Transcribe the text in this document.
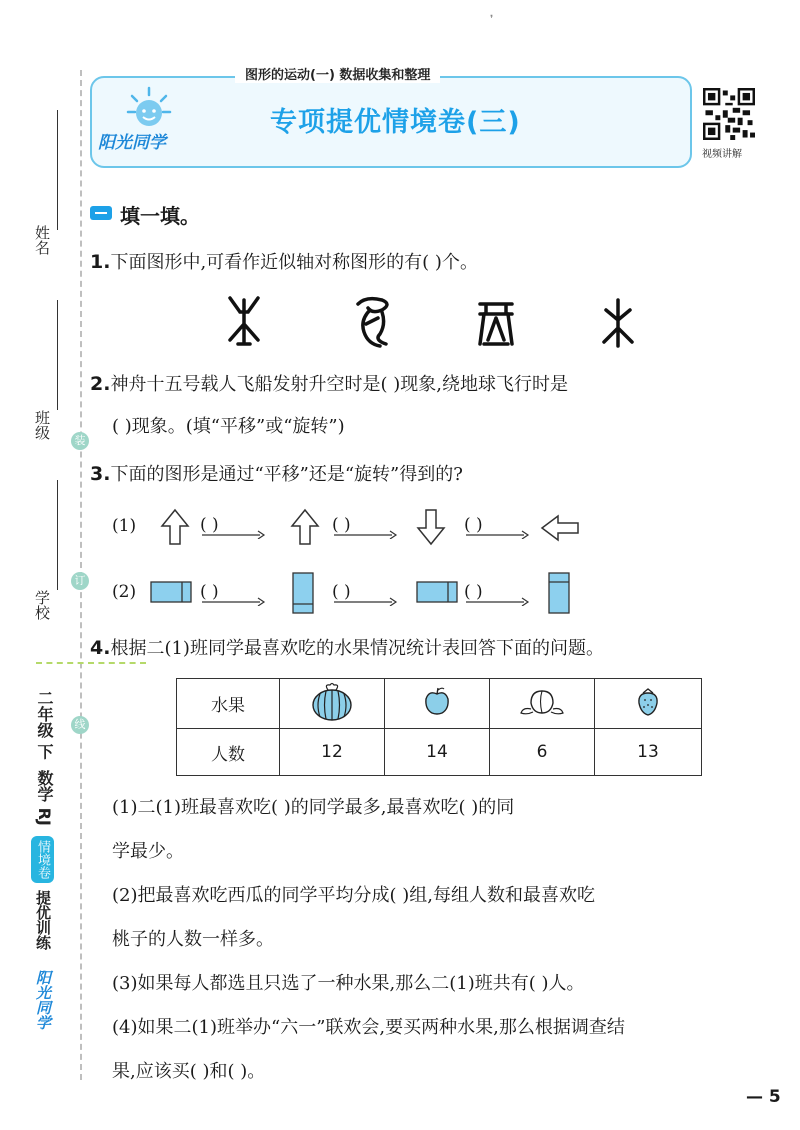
❜
姓名
班级
学校
装
订
线
二年级 下
数学 RJ
情境卷
提优训练
阳光同学
图形的运动(一) 数据收集和整理
阳光同学
专项提优情境卷(三)
视频讲解
填一填。
1.下面图形中,可看作近似轴对称图形的有( )个。
2.神舟十五号载人飞船发射升空时是( )现象,绕地球飞行时是
( )现象。(填“平移”或“旋转”)
3.下面的图形是通过“平移”还是“旋转”得到的?
(1)	( )	( )	( )
(2)	( )	( )	( )
4.根据二(1)班同学最喜欢吃的水果情况统计表回答下面的问题。
水果				
人数	12	14	6	13
(1)二(1)班最喜欢吃( )的同学最多,最喜欢吃( )的同
学最少。
(2)把最喜欢吃西瓜的同学平均分成( )组,每组人数和最喜欢吃
桃子的人数一样多。
(3)如果每人都选且只选了一种水果,那么二(1)班共有( )人。
(4)如果二(1)班举办“六一”联欢会,要买两种水果,那么根据调查结
果,应该买( )和( )。
— 5
